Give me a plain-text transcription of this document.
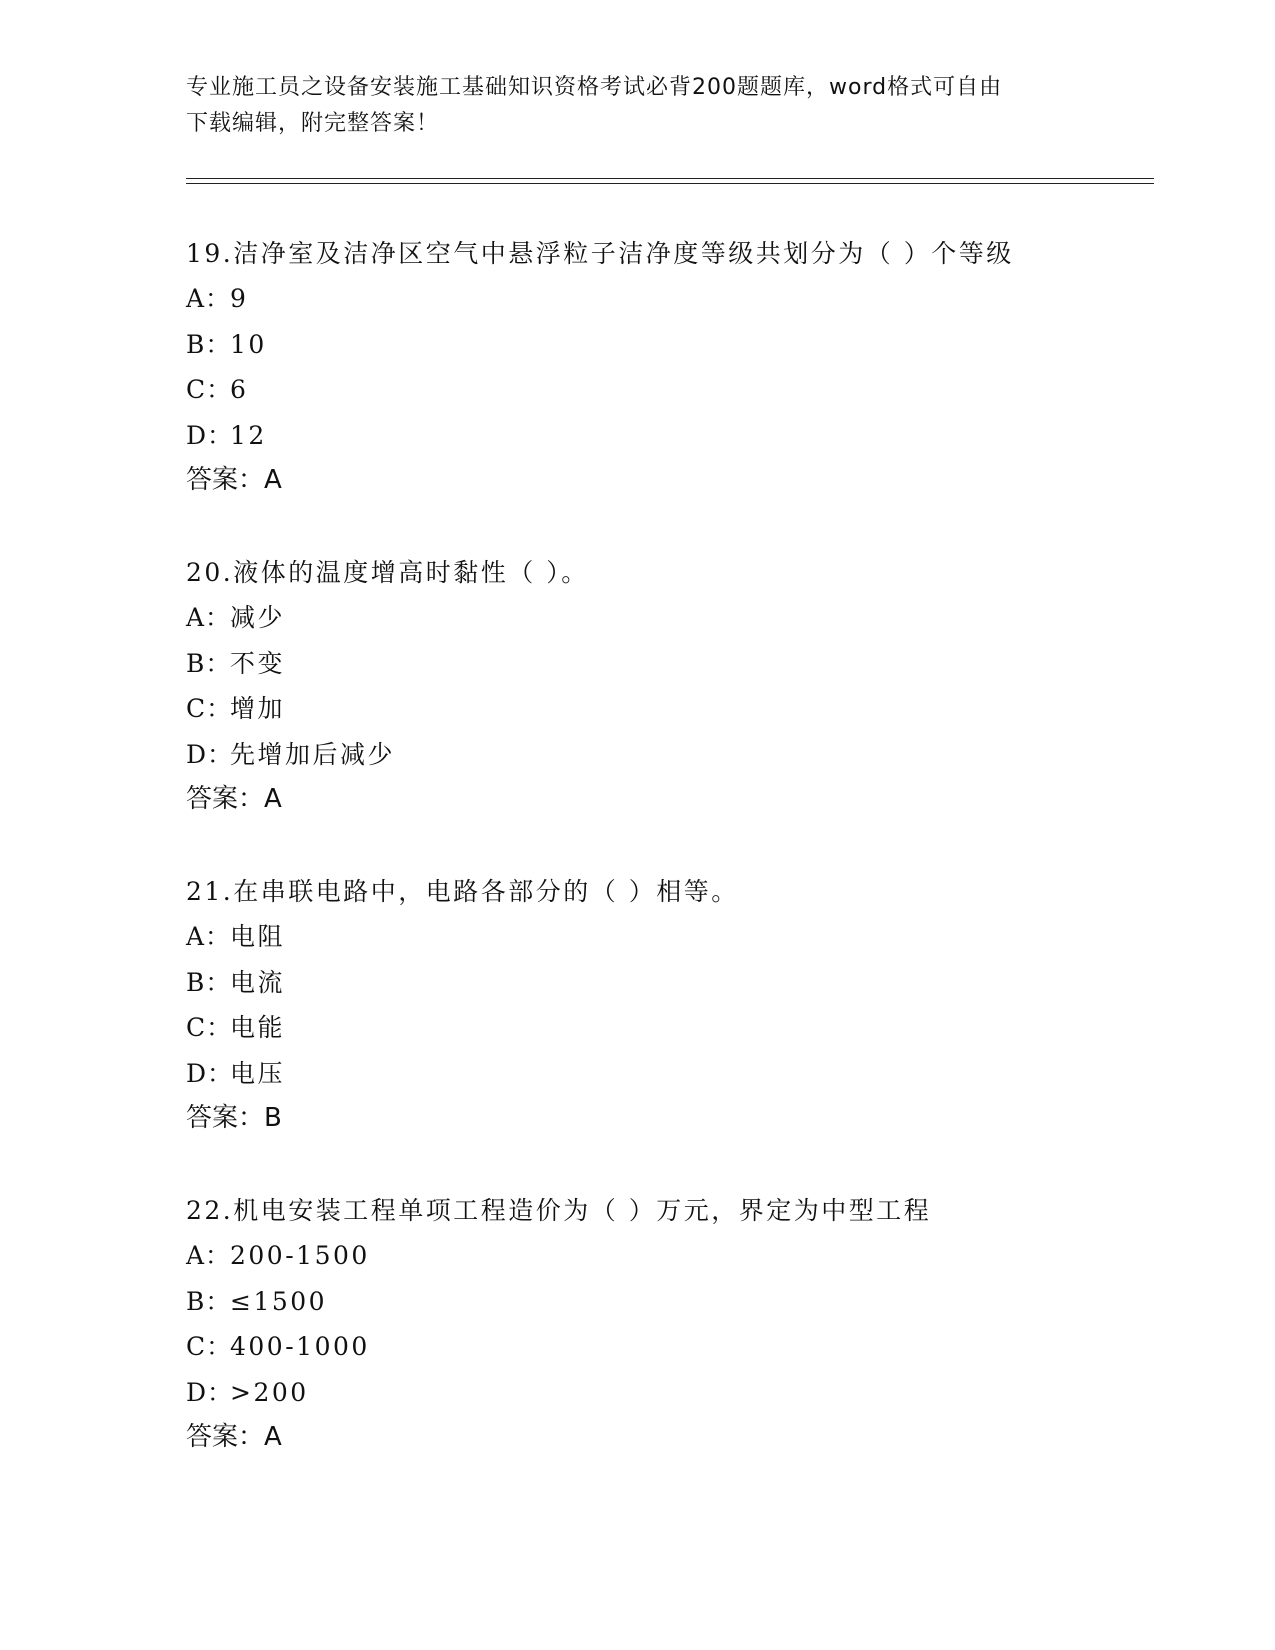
专业施工员之设备安装施工基础知识资格考试必背200题题库，word格式可自由
下载编辑，附完整答案！
19.洁净室及洁净区空气中悬浮粒子洁净度等级共划分为（ ）个等级
A：9
B：10
C：6
D：12
答案：A
20.液体的温度增高时黏性（ ）。
A：减少
B：不变
C：增加
D：先增加后减少
答案：A
21.在串联电路中，电路各部分的（ ）相等。
A：电阻
B：电流
C：电能
D：电压
答案：B
22.机电安装工程单项工程造价为（ ）万元，界定为中型工程
A：200-1500
B：≤1500
C：400-1000
D：>200
答案：A
